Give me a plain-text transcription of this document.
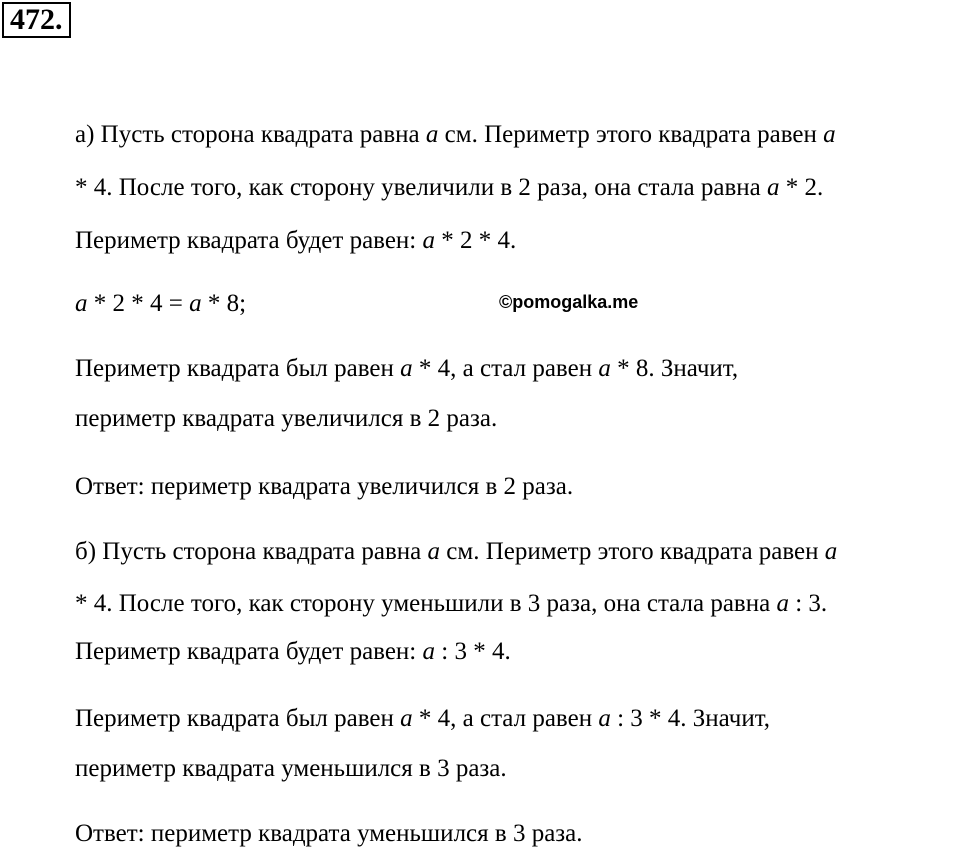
472.
©pomogalka.me
а) Пусть сторона квадрата равна a см. Периметр этого квадрата равен a
* 4. После того, как сторону увеличили в 2 раза, она стала равна a * 2.
Периметр квадрата будет равен: a * 2 * 4.
a * 2 * 4 = a * 8;
Периметр квадрата был равен a * 4, а стал равен a * 8. Значит,
периметр квадрата увеличился в 2 раза.
Ответ: периметр квадрата увеличился в 2 раза.
б) Пусть сторона квадрата равна a см. Периметр этого квадрата равен a
* 4. После того, как сторону уменьшили в 3 раза, она стала равна a : 3.
Периметр квадрата будет равен: a : 3 * 4.
Периметр квадрата был равен a * 4, а стал равен a : 3 * 4. Значит,
периметр квадрата уменьшился в 3 раза.
Ответ: периметр квадрата уменьшился в 3 раза.
